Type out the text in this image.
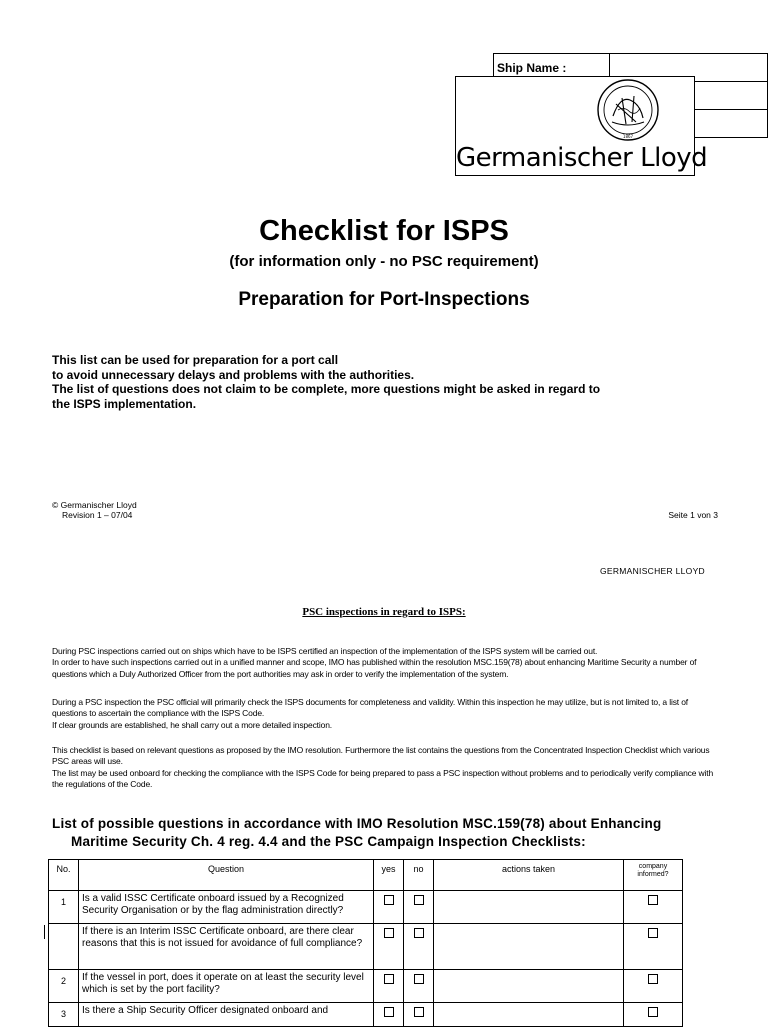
Ship Name :	

1867
Germanischer Lloyd
Checklist for ISPS
(for information only - no PSC requirement)
Preparation for Port-Inspections
This list can be used for preparation for a port call
to avoid unnecessary delays and problems with the authorities.
The list of questions does not claim to be complete, more questions might be asked in regard to
the ISPS implementation.
© Germanischer Lloyd
Revision 1 – 07/04	Seite 1 von 3
GERMANISCHER LLOYD
PSC inspections in regard to ISPS:
During PSC inspections carried out on ships which have to be ISPS certified an inspection of the implementation of the ISPS system will be carried out.
In order to have such inspections carried out in a unified manner and scope, IMO has published within the resolution MSC.159(78) about enhancing Maritime Security a number of questions which a Duly Authorized Officer from the port authorities may ask in order to verify the implementation of the system.
During a PSC inspection the PSC official will primarily check the ISPS documents for completeness and validity. Within this inspection he may utilize, but is not limited to, a list of questions to ascertain the compliance with the ISPS Code.
If clear grounds are established, he shall carry out a more detailed inspection.
This checklist is based on relevant questions as proposed by the IMO resolution. Furthermore the list contains the questions from the Concentrated Inspection Checklist which various PSC areas will use.
The list may be used onboard for checking the compliance with the ISPS Code for being prepared to pass a PSC inspection without problems and to periodically verify compliance with the regulations of the Code.
List of possible questions in accordance with IMO Resolution MSC.159(78) about Enhancing
Maritime Security Ch. 4 reg. 4.4 and the PSC Campaign Inspection Checklists:
No.	Question	yes	no	actions taken	company
informed?

1	Is a valid ISSC Certificate onboard issued by a Recognized Security Organisation or by the flag administration directly?				
	If there is an Interim ISSC Certificate onboard, are there clear reasons that this is not issued for avoidance of full compliance?				
2	If the vessel in port, does it operate on at least the security level which is set by the port facility?				
3	Is there a Ship Security Officer designated onboard and				
